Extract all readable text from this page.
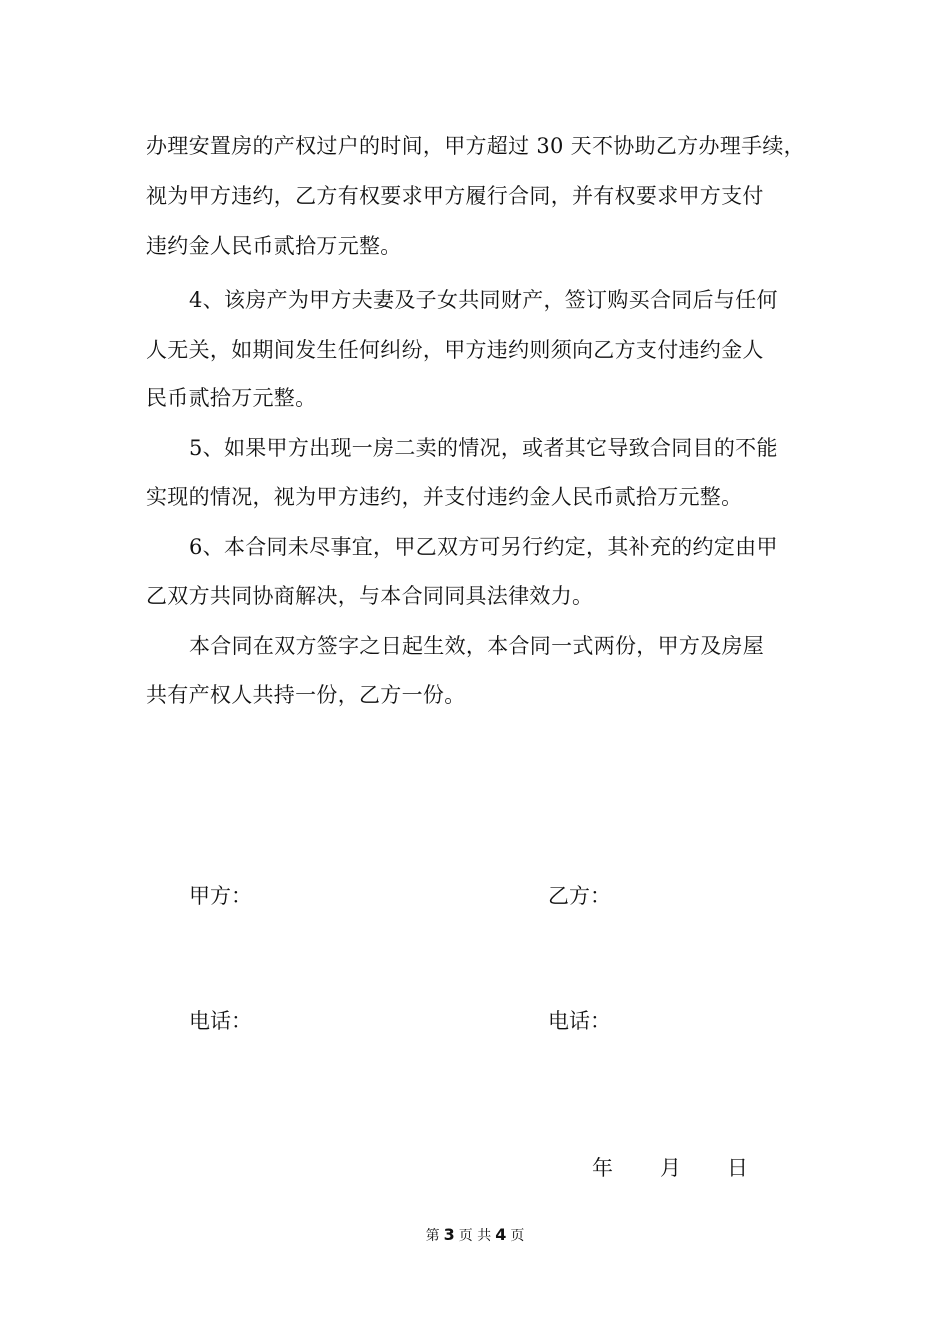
办理安置房的产权过户的时间，甲方超过 30 天不协助乙方办理手续，
视为甲方违约，乙方有权要求甲方履行合同，并有权要求甲方支付
违约金人民币贰拾万元整。
4、该房产为甲方夫妻及子女共同财产，签订购买合同后与任何
人无关，如期间发生任何纠纷，甲方违约则须向乙方支付违约金人
民币贰拾万元整。
5、如果甲方出现一房二卖的情况，或者其它导致合同目的不能
实现的情况，视为甲方违约，并支付违约金人民币贰拾万元整。
6、本合同未尽事宜，甲乙双方可另行约定，其补充的约定由甲
乙双方共同协商解决，与本合同同具法律效力。
本合同在双方签字之日起生效，本合同一式两份，甲方及房屋
共有产权人共持一份，乙方一份。
甲方：	乙方：
电话：	电话：
年 月 日
第 3 页 共 4 页
